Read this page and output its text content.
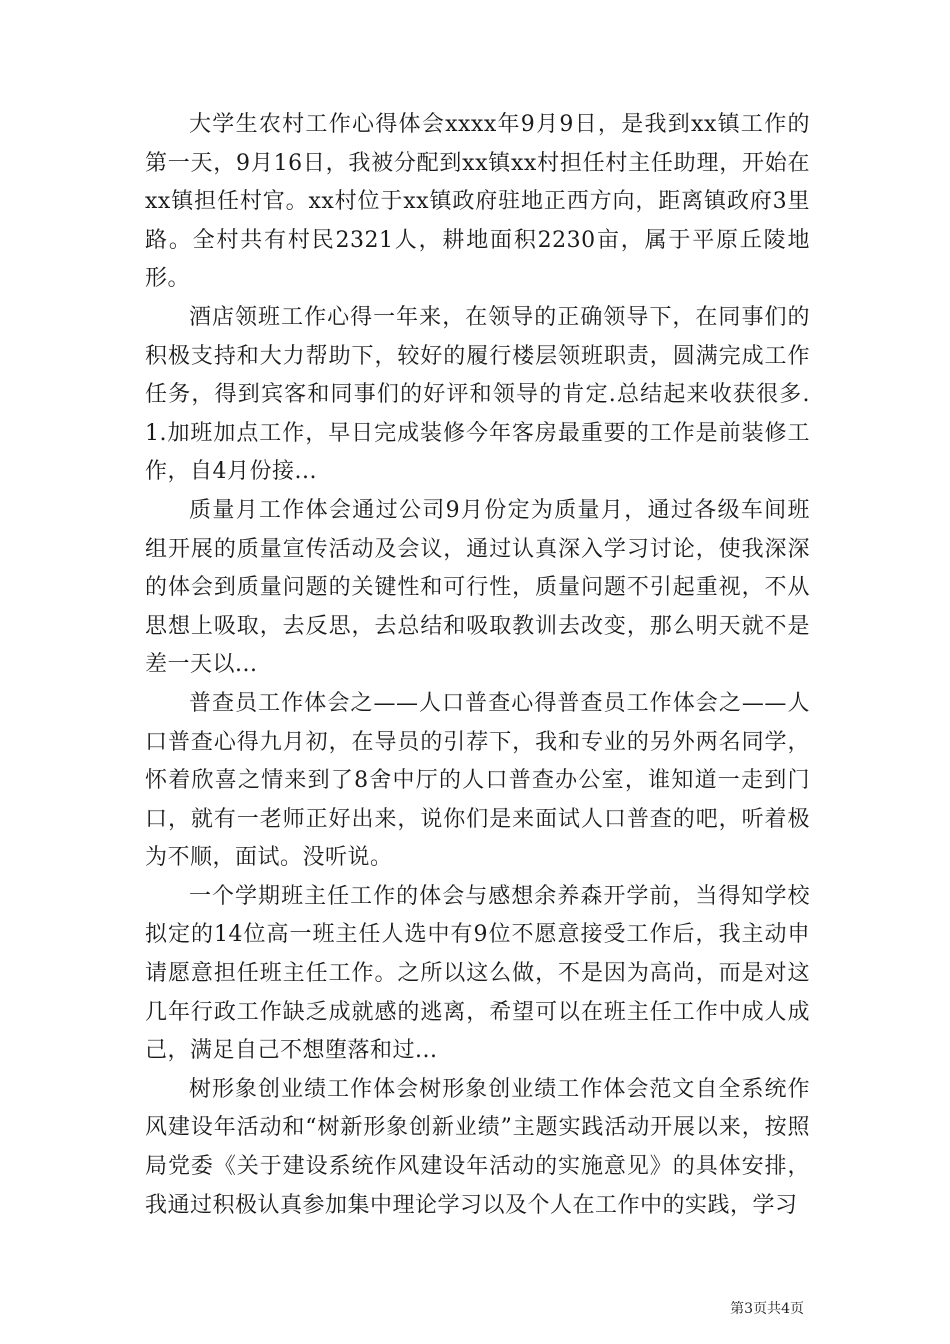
大学生农村工作心得体会xxxx年9月9日，是我到xx镇工作的第一天，9月16日，我被分配到xx镇xx村担任村主任助理，开始在xx镇担任村官。xx村位于xx镇政府驻地正西方向，距离镇政府3里路。全村共有村民2321人，耕地面积2230亩，属于平原丘陵地形。

酒店领班工作心得一年来，在领导的正确领导下，在同事们的积极支持和大力帮助下，较好的履行楼层领班职责，圆满完成工作任务，得到宾客和同事们的好评和领导的肯定.总结起来收获很多.1.加班加点工作，早日完成装修今年客房最重要的工作是前装修工作，自4月份接...

质量月工作体会通过公司9月份定为质量月，通过各级车间班组开展的质量宣传活动及会议，通过认真深入学习讨论，使我深深的体会到质量问题的关键性和可行性，质量问题不引起重视，不从思想上吸取，去反思，去总结和吸取教训去改变，那么明天就不是差一天以...

普查员工作体会之——人口普查心得普查员工作体会之——人口普查心得九月初，在导员的引荐下，我和专业的另外两名同学，怀着欣喜之情来到了8舍中厅的人口普查办公室，谁知道一走到门口，就有一老师正好出来，说你们是来面试人口普查的吧，听着极为不顺，面试。没听说。

一个学期班主任工作的体会与感想余养森开学前，当得知学校拟定的14位高一班主任人选中有9位不愿意接受工作后，我主动申请愿意担任班主任工作。之所以这么做，不是因为高尚，而是对这几年行政工作缺乏成就感的逃离，希望可以在班主任工作中成人成己，满足自己不想堕落和过...

树形象创业绩工作体会树形象创业绩工作体会范文自全系统作风建设年活动和“树新形象创新业绩”主题实践活动开展以来，按照局党委《关于建设系统作风建设年活动的实施意见》的具体安排，我通过积极认真参加集中理论学习以及个人在工作中的实践，学习

第3页共4页
